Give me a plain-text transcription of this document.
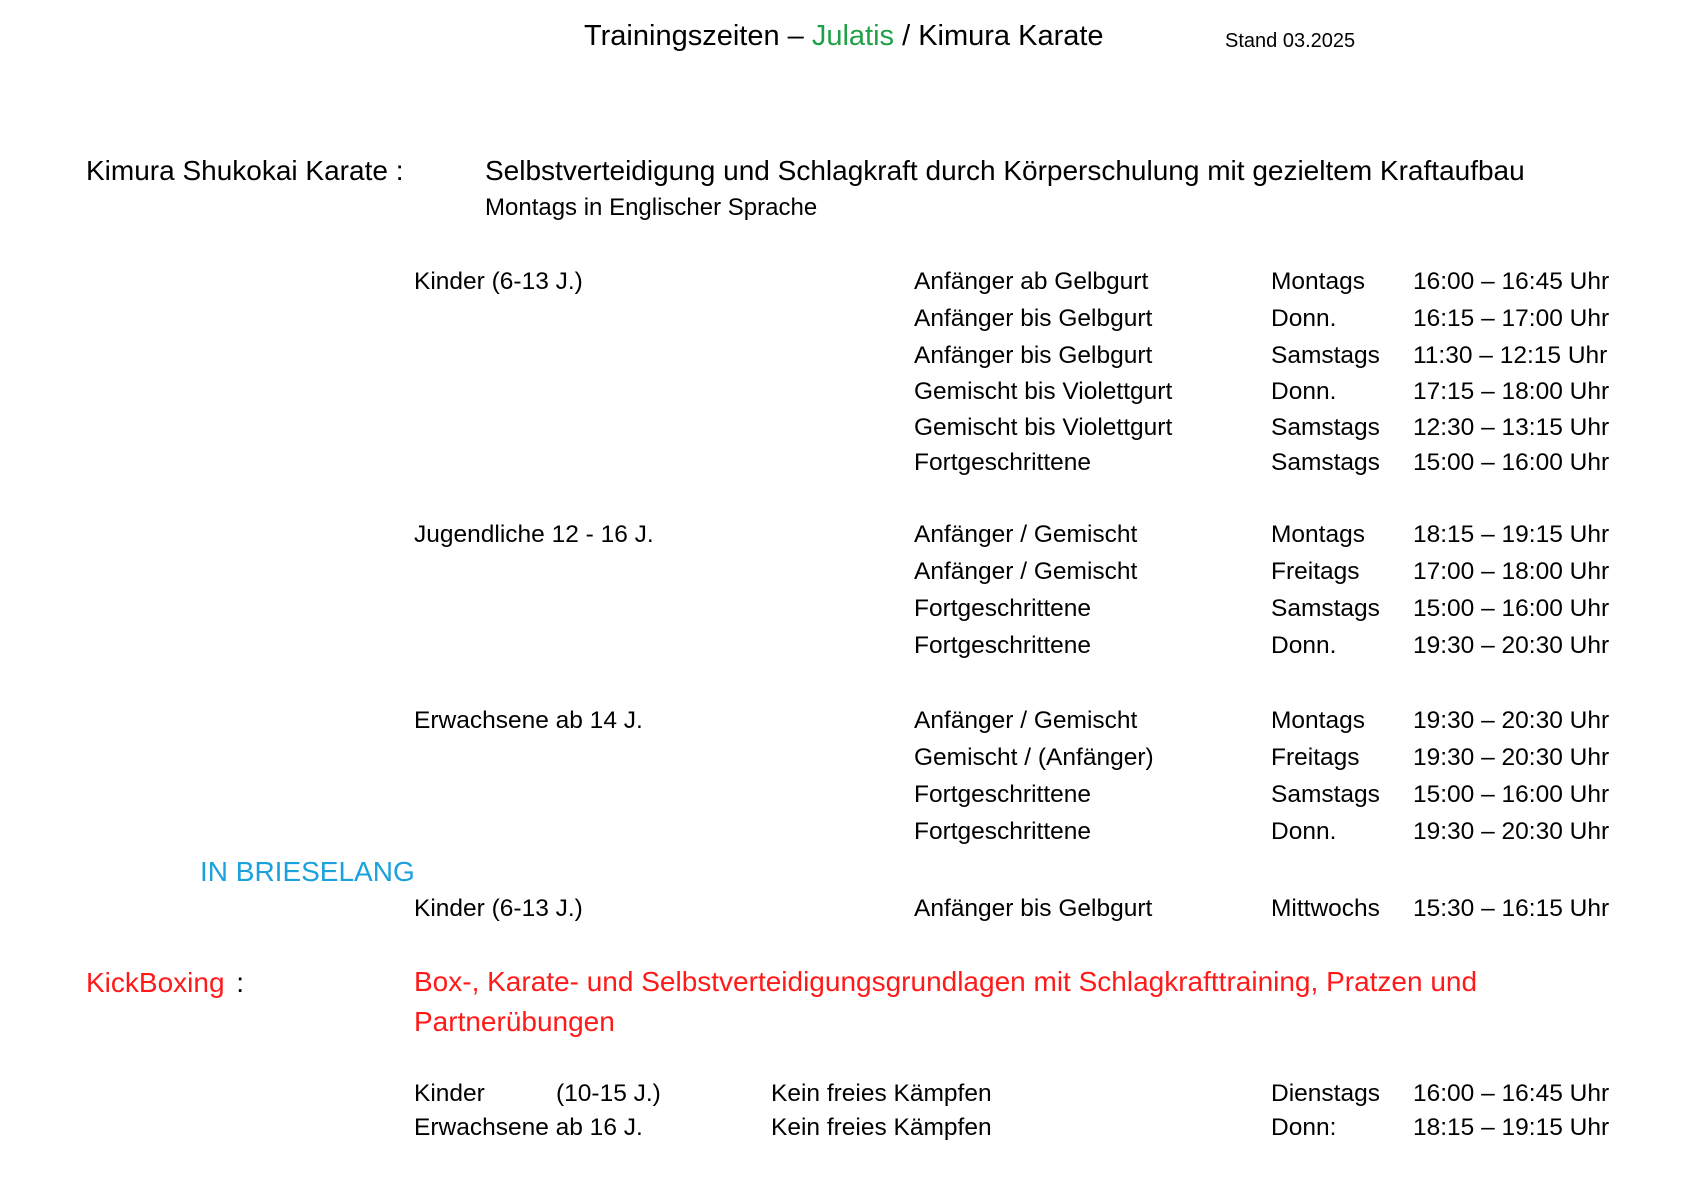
Trainingszeiten – Julatis / Kimura Karate	Stand 03.2025
Kimura Shukokai Karate :	Selbstverteidigung und Schlagkraft durch Körperschulung mit gezieltem Kraftaufbau
Montags in Englischer Sprache
Kinder (6-13 J.)	Anfänger ab Gelbgurt	Montags 16:00 – 16:45 Uhr
Anfänger bis Gelbgurt	Donn.	16:15 – 17:00 Uhr
Anfänger bis Gelbgurt	Samstags 11:30 – 12:15 Uhr
Gemischt bis Violettgurt	Donn.	17:15 – 18:00 Uhr
Gemischt bis Violettgurt	Samstags 12:30 – 13:15 Uhr
Fortgeschrittene	Samstags 15:00 – 16:00 Uhr
Jugendliche 12 - 16 J.	Anfänger / Gemischt	Montags 18:15 – 19:15 Uhr
Anfänger / Gemischt	Freitags 17:00 – 18:00 Uhr
Fortgeschrittene	Samstags 15:00 – 16:00 Uhr
Fortgeschrittene	Donn.	19:30 – 20:30 Uhr
Erwachsene ab 14 J.	Anfänger / Gemischt	Montags 19:30 – 20:30 Uhr
Gemischt / (Anfänger)	Freitags 19:30 – 20:30 Uhr
Fortgeschrittene	Samstags 15:00 – 16:00 Uhr
Fortgeschrittene	Donn.	19:30 – 20:30 Uhr
IN BRIESELANG
Kinder (6-13 J.)	Anfänger bis Gelbgurt	Mittwochs 15:30 – 16:15 Uhr
KickBoxing :	Box-, Karate- und Selbstverteidigungsgrundlagen mit Schlagkrafttraining, Pratzen und Partnerübungen
Kinder	(10-15 J.)	Kein freies Kämpfen	Dienstags 16:00 – 16:45 Uhr
Erwachsene ab 16 J.	Kein freies Kämpfen	Donn:	18:15 – 19:15 Uhr
